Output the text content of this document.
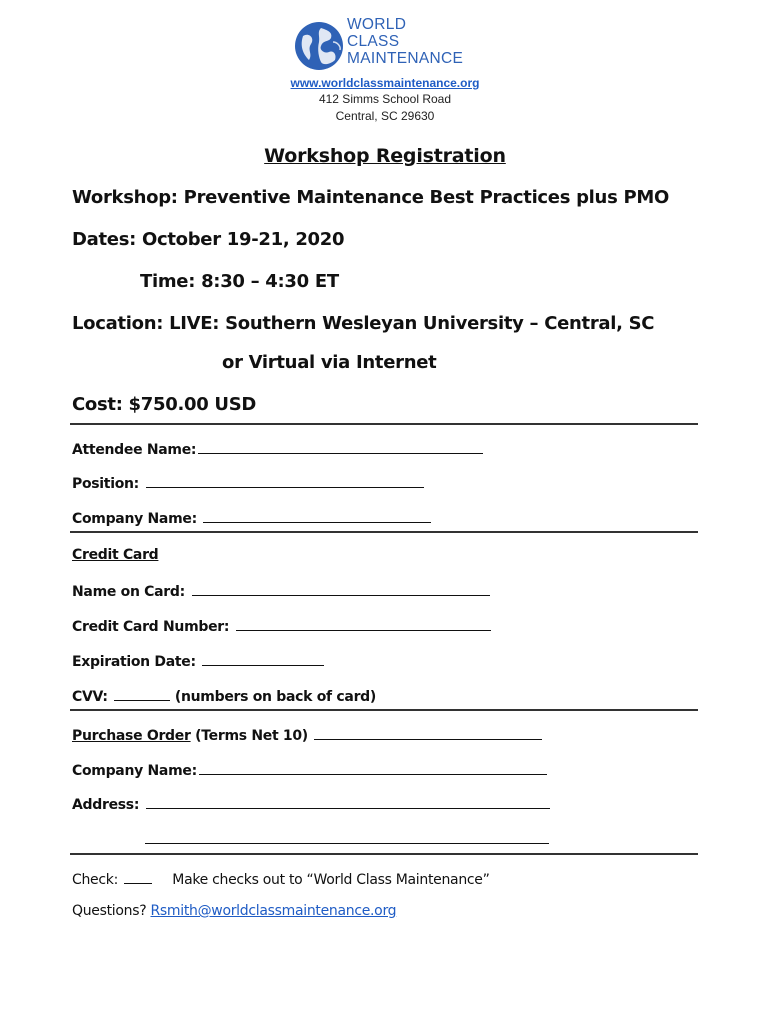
WORLD
CLASS
MAINTENANCE
www.worldclassmaintenance.org
412 Simms School Road
Central, SC 29630
Workshop Registration
Workshop: Preventive Maintenance Best Practices plus PMO
Dates: October 19-21, 2020
Time: 8:30 – 4:30 ET
Location: LIVE: Southern Wesleyan University – Central, SC
or Virtual via Internet
Cost: $750.00 USD
Attendee Name:
Position:
Company Name:
Credit Card
Name on Card:
Credit Card Number:
Expiration Date:
CVV:	(numbers on back of card)
Purchase Order (Terms Net 10)
Company Name:
Address:
Check:	Make checks out to “World Class Maintenance”
Questions? Rsmith@worldclassmaintenance.org
